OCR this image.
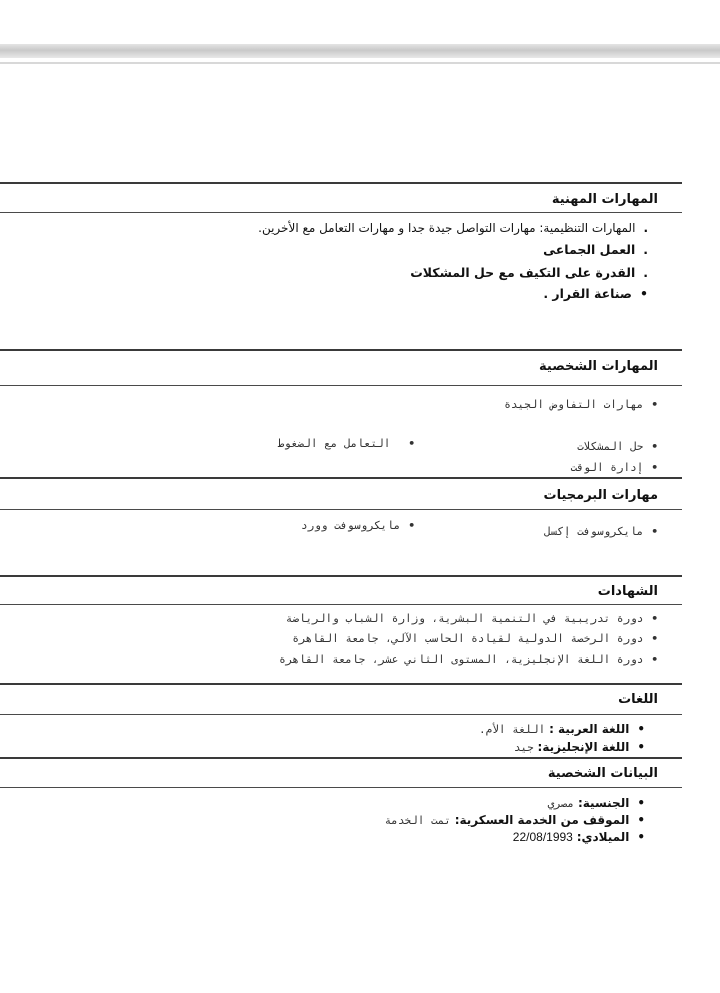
المهارات المهنية
.المهارات التنظيمية: مهارات التواصل جيدة جدا و مهارات التعامل مع الأخرين.
.العمل الجماعى
.القدرة على التكيف مع حل المشكلات
•صناعة القرار .
المهارات الشخصية
•مهارات التفاوض الجيدة
•حل المشكلات
•التعامل مع الضغوط
•إدارة الوقت
مهارات البرمجيات
•مايكروسوفت إكسل
•مايكروسوفت وورد
الشهادات
•دورة تدريبية في التنمية البشرية، وزارة الشباب والرياضة
•دورة الرخصة الدولية لقيادة الحاسب الآلي، جامعة القاهرة
•دورة اللغة الإنجليزية، المستوى الثاني عشر، جامعة القاهرة
اللغات
•اللغة العربية : اللغة الأم.
•اللغة الإنجليزية: جيد
البيانات الشخصية
•الجنسية: مصري
•الموقف من الخدمة العسكرية: تمت الخدمة
•الميلادي: 22/08/1993
